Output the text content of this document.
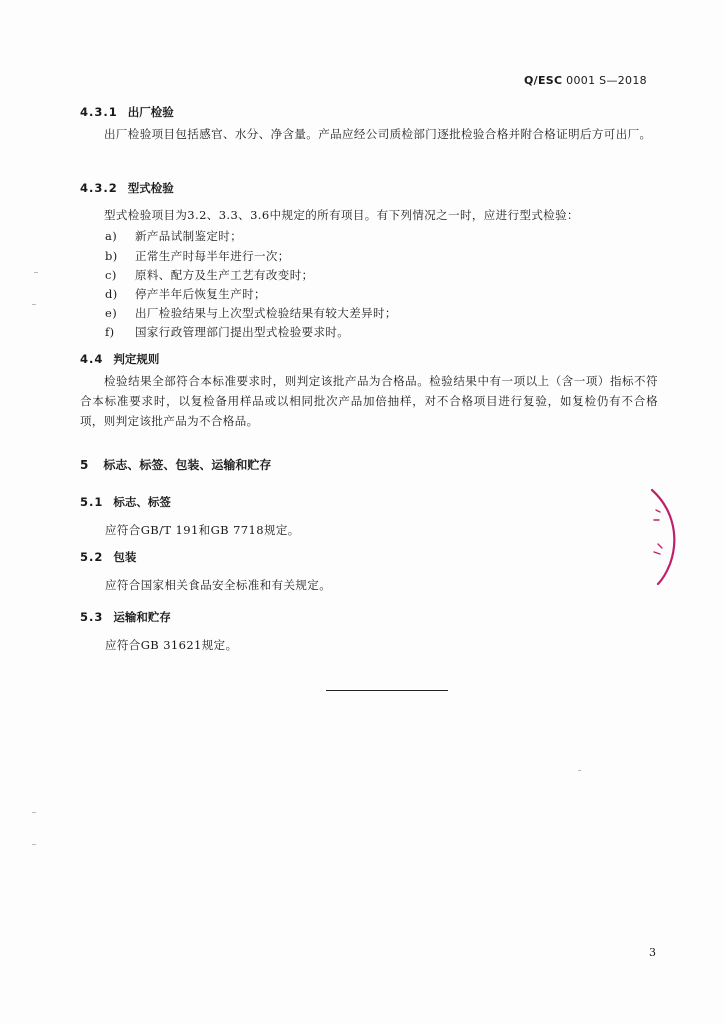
Q/ESC 0001 S—2018
4.3.1 出厂检验
出厂检验项目包括感官、水分、净含量。产品应经公司质检部门逐批检验合格并附合格证明后方可出厂。
4.3.2 型式检验
型式检验项目为3.2、3.3、3.6中规定的所有项目。有下列情况之一时，应进行型式检验：
a) 新产品试制鉴定时；
b) 正常生产时每半年进行一次；
c) 原料、配方及生产工艺有改变时；
d) 停产半年后恢复生产时；
e) 出厂检验结果与上次型式检验结果有较大差异时；
f) 国家行政管理部门提出型式检验要求时。
4.4 判定规则
检验结果全部符合本标准要求时，则判定该批产品为合格品。检验结果中有一项以上（含一项）指标不符合本标准要求时，以复检备用样品或以相同批次产品加倍抽样，对不合格项目进行复验，如复检仍有不合格项，则判定该批产品为不合格品。
5 标志、标签、包装、运输和贮存
5.1 标志、标签
应符合GB/T 191和GB 7718规定。
5.2 包装
应符合国家相关食品安全标准和有关规定。
5.3 运输和贮存
应符合GB 31621规定。
3
